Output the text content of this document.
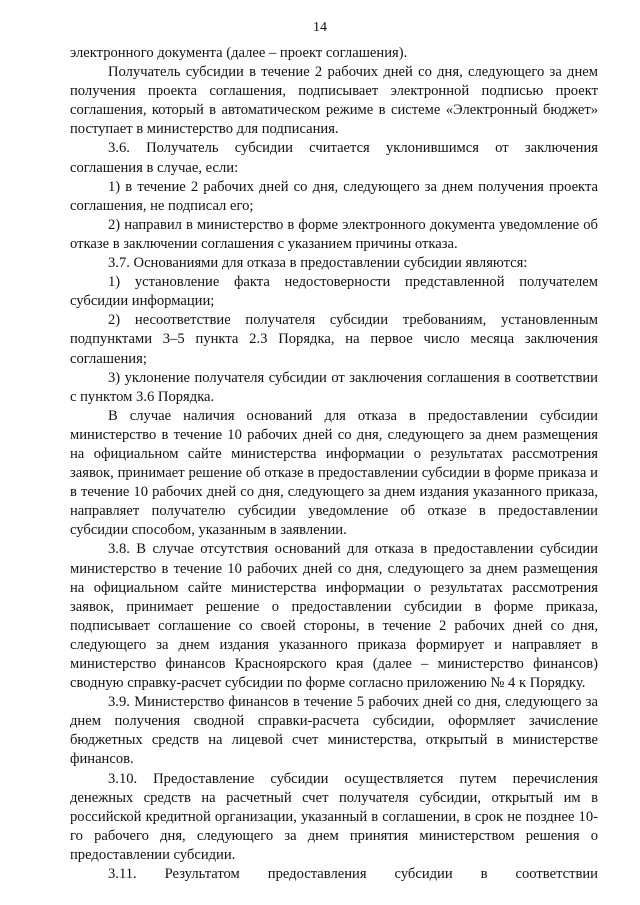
14

электронного документа (далее – проект соглашения).

Получатель субсидии в течение 2 рабочих дней со дня, следующего за днем получения проекта соглашения, подписывает электронной подписью проект соглашения, который в автоматическом режиме в системе «Электронный бюджет» поступает в министерство для подписания.

3.6. Получатель субсидии считается уклонившимся от заключения соглашения в случае, если:

1) в течение 2 рабочих дней со дня, следующего за днем получения проекта соглашения, не подписал его;

2) направил в министерство в форме электронного документа уведомление об отказе в заключении соглашения с указанием причины отказа.

3.7. Основаниями для отказа в предоставлении субсидии являются:

1) установление факта недостоверности представленной получателем субсидии информации;

2) несоответствие получателя субсидии требованиям, установленным подпунктами 3–5 пункта 2.3 Порядка, на первое число месяца заключения соглашения;

3) уклонение получателя субсидии от заключения соглашения в соответствии с пунктом 3.6 Порядка.

В случае наличия оснований для отказа в предоставлении субсидии министерство в течение 10 рабочих дней со дня, следующего за днем размещения на официальном сайте министерства информации о результатах рассмотрения заявок, принимает решение об отказе в предоставлении субсидии в форме приказа и в течение 10 рабочих дней со дня, следующего за днем издания указанного приказа, направляет получателю субсидии уведомление об отказе в предоставлении субсидии способом, указанным в заявлении.

3.8. В случае отсутствия оснований для отказа в предоставлении субсидии министерство в течение 10 рабочих дней со дня, следующего за днем размещения на официальном сайте министерства информации о результатах рассмотрения заявок, принимает решение о предоставлении субсидии в форме приказа, подписывает соглашение со своей стороны, в течение 2 рабочих дней со дня, следующего за днем издания указанного приказа формирует и направляет в министерство финансов Красноярского края (далее – министерство финансов) сводную справку-расчет субсидии по форме согласно приложению № 4 к Порядку.

3.9. Министерство финансов в течение 5 рабочих дней со дня, следующего за днем получения сводной справки-расчета субсидии, оформляет зачисление бюджетных средств на лицевой счет министерства, открытый в министерстве финансов.

3.10. Предоставление субсидии осуществляется путем перечисления денежных средств на расчетный счет получателя субсидии, открытый им в российской кредитной организации, указанный в соглашении, в срок не позднее 10-го рабочего дня, следующего за днем принятия министерством решения о предоставлении субсидии.

3.11. Результатом предоставления субсидии в соответствии
